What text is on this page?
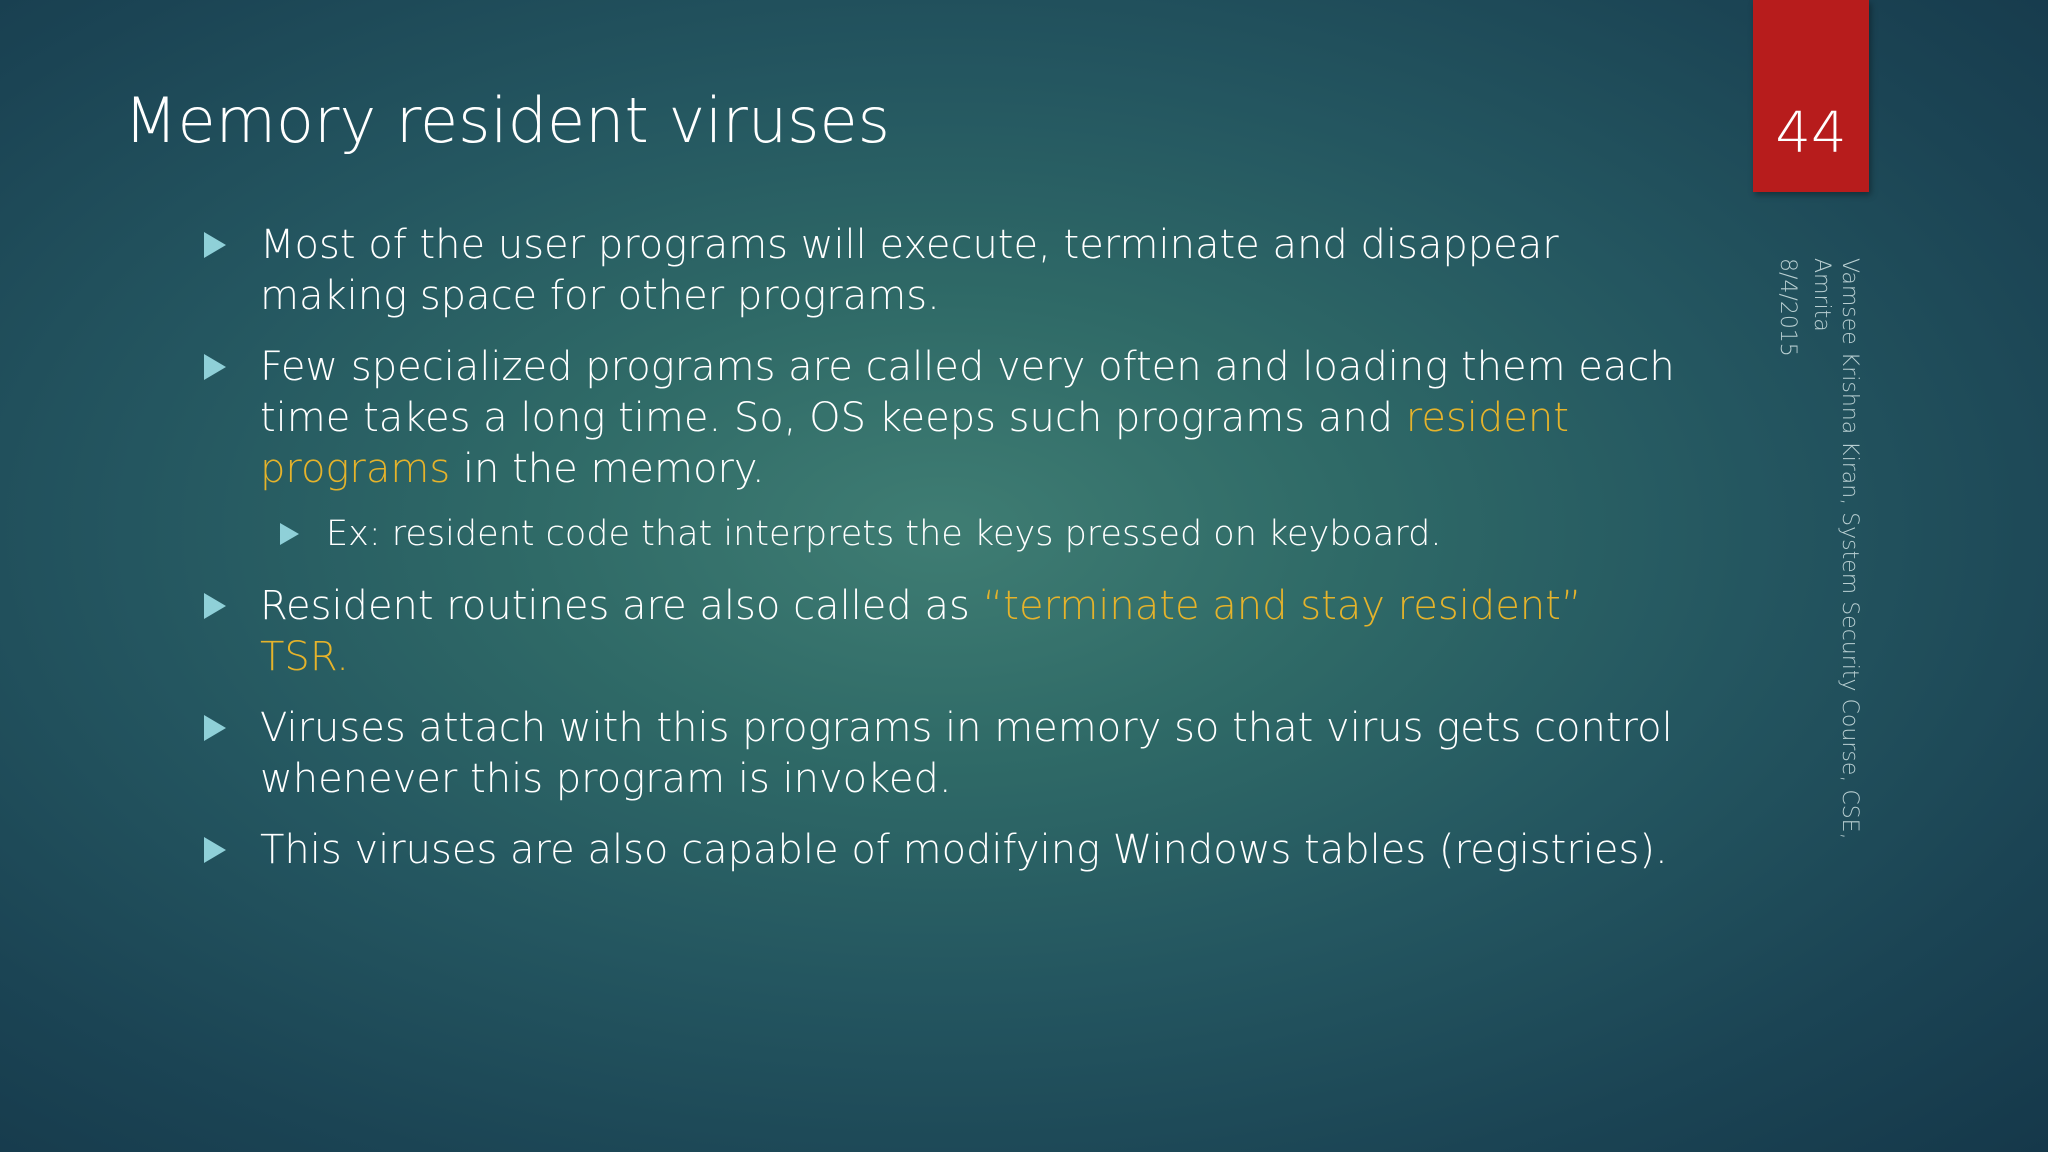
Memory resident viruses	44
Most of the user programs will execute, terminate and disappear making space for other programs.
Few specialized programs are called very often and loading them each time takes a long time. So, OS keeps such programs and resident programs in the memory.
Ex: resident code that interprets the keys pressed on keyboard.
Resident routines are also called as “terminate and stay resident” TSR.
Viruses attach with this programs in memory so that virus gets control whenever this program is invoked.
This viruses are also capable of modifying Windows tables (registries).
Vamsee Krishna Kiran, System Security Course, CSE,
Amrita
8/4/2015
